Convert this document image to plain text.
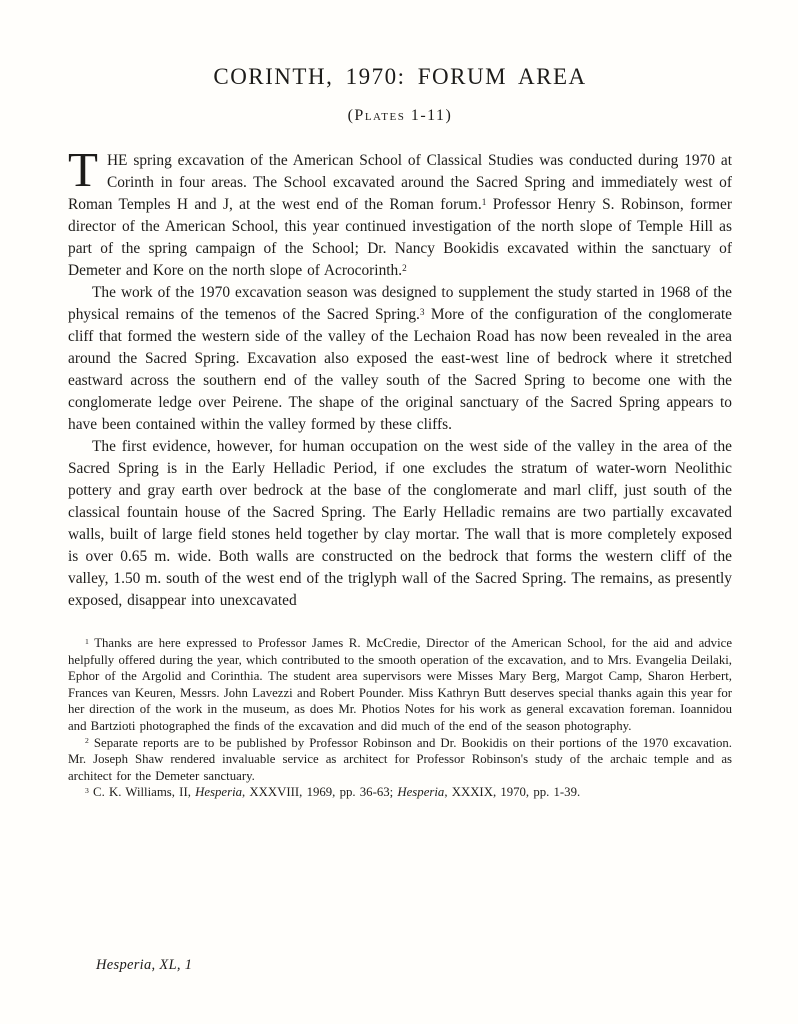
CORINTH, 1970: FORUM AREA
(Plates 1-11)

THE spring excavation of the American School of Classical Studies was conducted during 1970 at Corinth in four areas. The School excavated around the Sacred Spring and immediately west of Roman Temples H and J, at the west end of the Roman forum.$^1$ Professor Henry S. Robinson, former director of the American School, this year continued investigation of the north slope of Temple Hill as part of the spring campaign of the School; Dr. Nancy Bookidis excavated within the sanctuary of Demeter and Kore on the north slope of Acrocorinth.$^2$

The work of the 1970 excavation season was designed to supplement the study started in 1968 of the physical remains of the temenos of the Sacred Spring.$^3$ More of the configuration of the conglomerate cliff that formed the western side of the valley of the Lechaion Road has now been revealed in the area around the Sacred Spring. Excavation also exposed the east-west line of bedrock where it stretched eastward across the southern end of the valley south of the Sacred Spring to become one with the conglomerate ledge over Peirene. The shape of the original sanctuary of the Sacred Spring appears to have been contained within the valley formed by these cliffs.

The first evidence, however, for human occupation on the west side of the valley in the area of the Sacred Spring is in the Early Helladic Period, if one excludes the stratum of water-worn Neolithic pottery and gray earth over bedrock at the base of the conglomerate and marl cliff, just south of the classical fountain house of the Sacred Spring. The Early Helladic remains are two partially excavated walls, built of large field stones held together by clay mortar. The wall that is more completely exposed is over 0.65 m. wide. Both walls are constructed on the bedrock that forms the western cliff of the valley, 1.50 m. south of the west end of the triglyph wall of the Sacred Spring. The remains, as presently exposed, disappear into unexcavated

$^1$ Thanks are here expressed to Professor James R. McCredie, Director of the American School, for the aid and advice helpfully offered during the year, which contributed to the smooth operation of the excavation, and to Mrs. Evangelia Deilaki, Ephor of the Argolid and Corinthia. The student area supervisors were Misses Mary Berg, Margot Camp, Sharon Herbert, Frances van Keuren, Messrs. John Lavezzi and Robert Pounder. Miss Kathryn Butt deserves special thanks again this year for her direction of the work in the museum, as does Mr. Photios Notes for his work as general excavation foreman. Ioannidou and Bartzioti photographed the finds of the excavation and did much of the end of the season photography.

$^2$ Separate reports are to be published by Professor Robinson and Dr. Bookidis on their portions of the 1970 excavation. Mr. Joseph Shaw rendered invaluable service as architect for Professor Robinson's study of the archaic temple and as architect for the Demeter sanctuary.

$^3$ C. K. Williams, II, Hesperia, XXXVIII, 1969, pp. 36-63; Hesperia, XXXIX, 1970, pp. 1-39.

Hesperia, XL, 1
